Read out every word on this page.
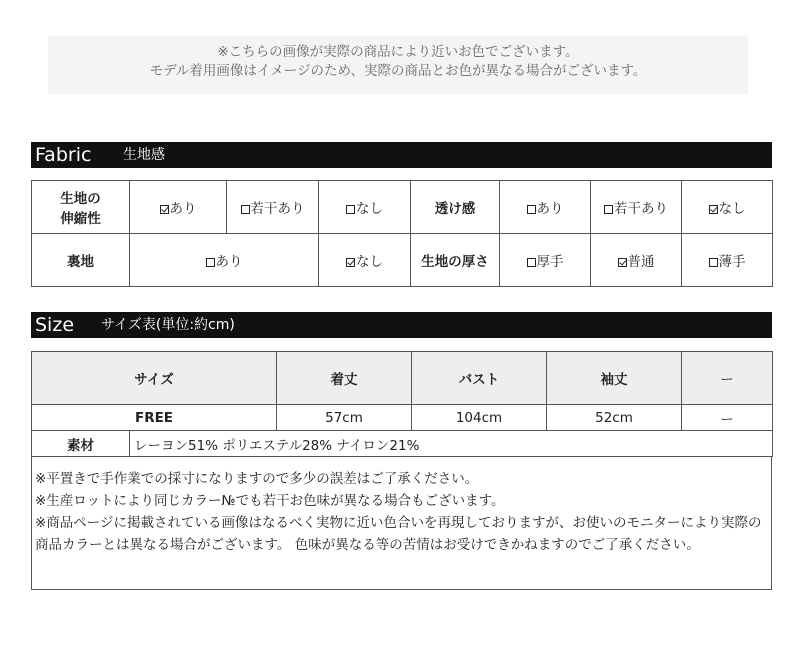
※こちらの画像が実際の商品により近いお色でございます。
モデル着用画像はイメージのため、実際の商品とお色が異なる場合がございます。
Fabric 生地感
生地の
伸縮性	あり	若干あり	なし	透け感	あり	若干あり	なし
裏地	あり		なし	生地の厚さ	厚手	普通	薄手
Size サイズ表(単位:約cm)
サイズ		着丈	バスト	袖丈	ー
FREE		57cm	104cm	52cm	ー
素材	レーヨン51% ポリエステル28% ナイロン21%				
※平置きで手作業での採寸になりますので多少の誤差はご了承ください。
※生産ロットにより同じカラー№でも若干お色味が異なる場合もございます。
※商品ページに掲載されている画像はなるべく実物に近い色合いを再現しておりますが、お使いのモニターにより実際の商品カラーとは異なる場合がございます。 色味が異なる等の苦情はお受けできかねますのでご了承ください。
